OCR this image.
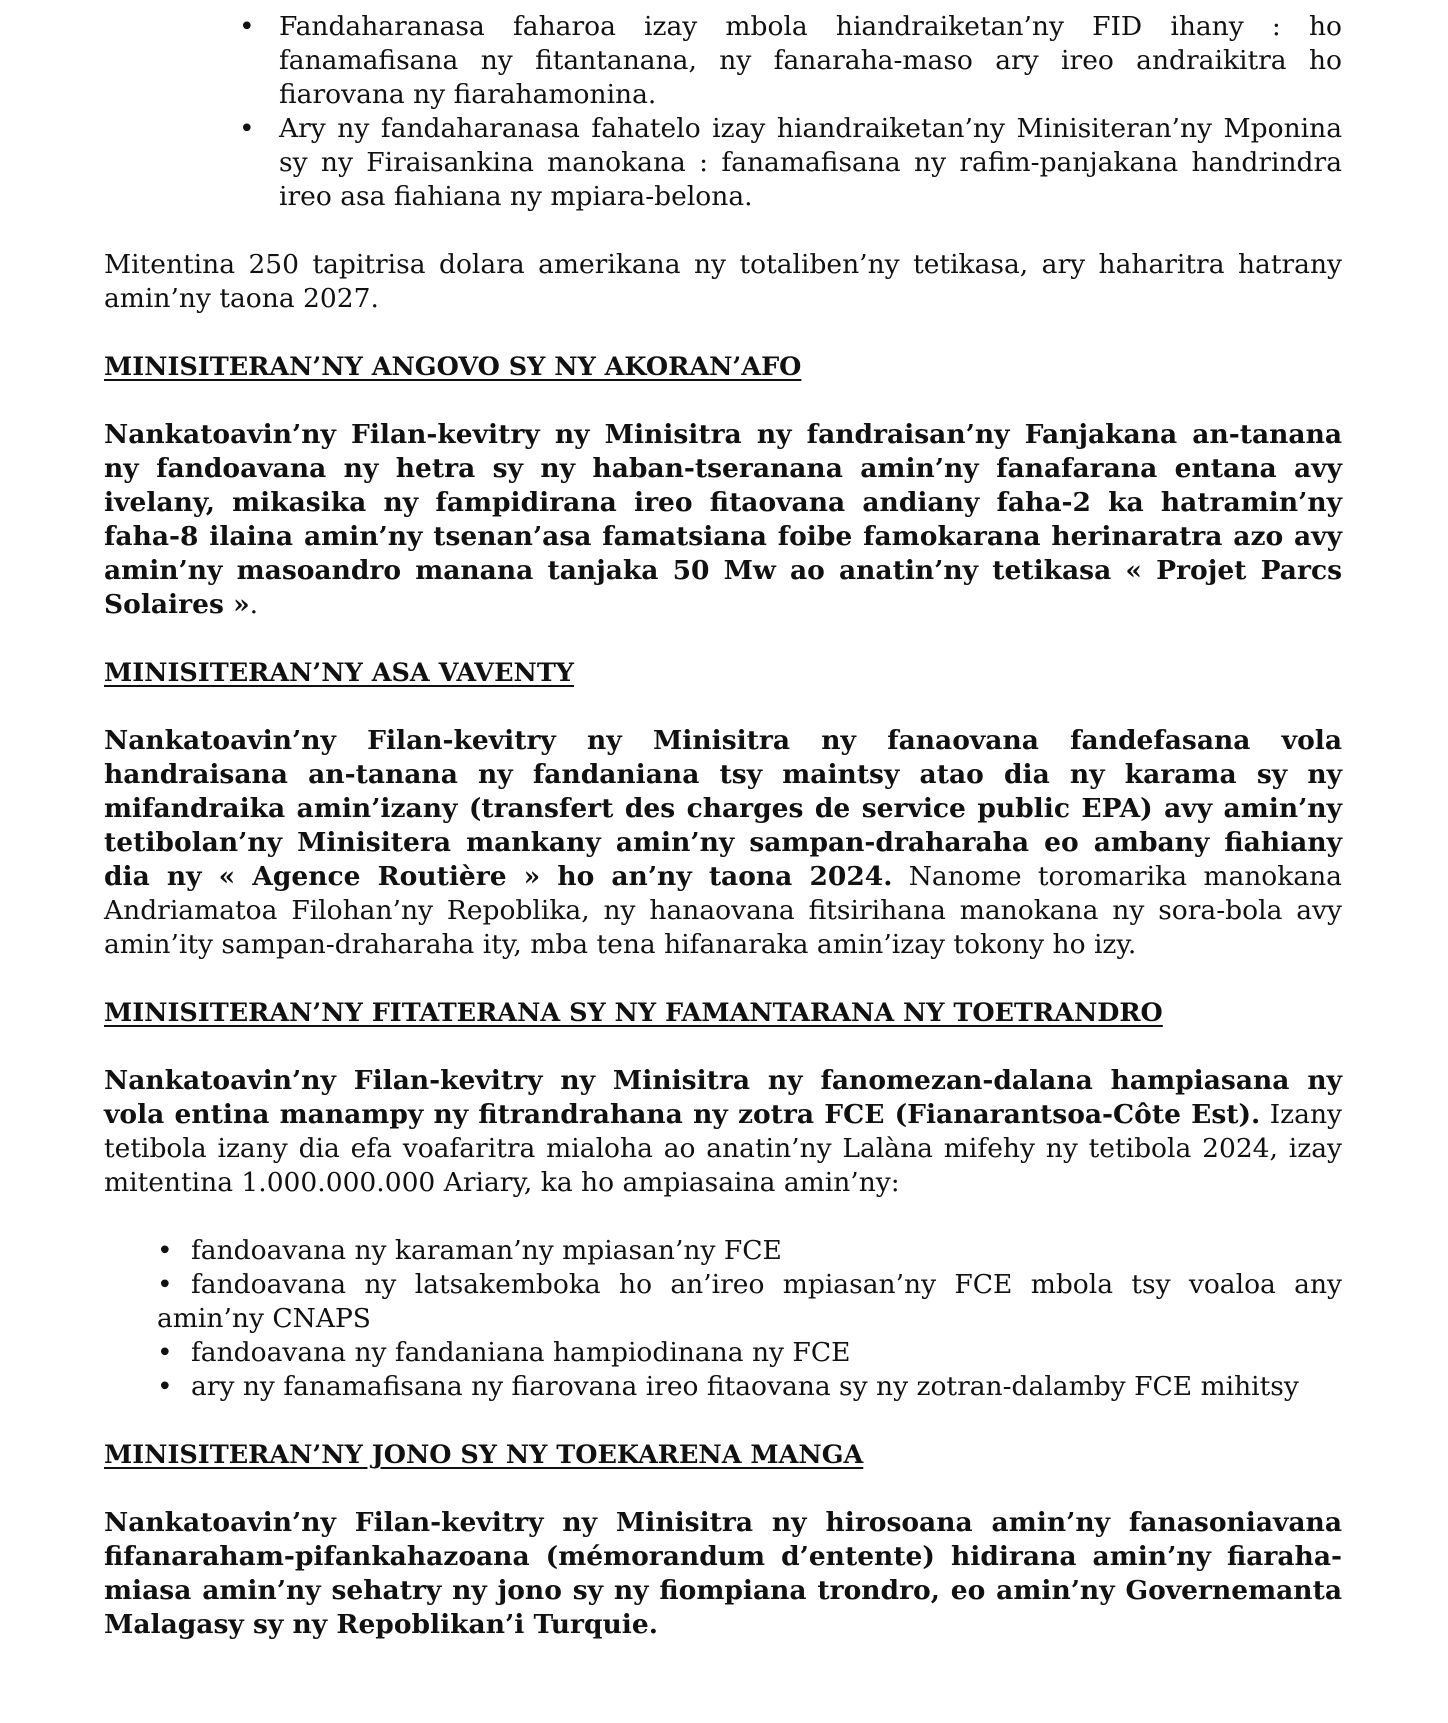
• Fandaharanasa faharoa izay mbola hiandraiketan’ny FID ihany : ho fanamafisana ny fitantanana, ny fanaraha-maso ary ireo andraikitra ho fiarovana ny fiarahamonina.
• Ary ny fandaharanasa fahatelo izay hiandraiketan’ny Minisiteran’ny Mponina sy ny Firaisankina manokana : fanamafisana ny rafim-panjakana handrindra ireo asa fiahiana ny mpiara-belona.

Mitentina 250 tapitrisa dolara amerikana ny totaliben’ny tetikasa, ary haharitra hatrany amin’ny taona 2027.

MINISITERAN’NY ANGOVO SY NY AKORAN’AFO

Nankatoavin’ny Filan-kevitry ny Minisitra ny fandraisan’ny Fanjakana an-tanana ny fandoavana ny hetra sy ny haban-tseranana amin’ny fanafarana entana avy ivelany, mikasika ny fampidirana ireo fitaovana andiany faha-2 ka hatramin’ny faha-8 ilaina amin’ny tsenan’asa famatsiana foibe famokarana herinaratra azo avy amin’ny masoandro manana tanjaka 50 Mw ao anatin’ny tetikasa « Projet Parcs Solaires ».

MINISITERAN’NY ASA VAVENTY

Nankatoavin’ny Filan-kevitry ny Minisitra ny fanaovana fandefasana vola handraisana an-tanana ny fandaniana tsy maintsy atao dia ny karama sy ny mifandraika amin’izany (transfert des charges de service public EPA) avy amin’ny tetibolan’ny Minisitera mankany amin’ny sampan-draharaha eo ambany fiahiany dia ny « Agence Routière » ho an’ny taona 2024. Nanome toromarika manokana Andriamatoa Filohan’ny Repoblika, ny hanaovana fitsirihana manokana ny sora-bola avy amin’ity sampan-draharaha ity, mba tena hifanaraka amin’izay tokony ho izy.

MINISITERAN’NY FITATERANA SY NY FAMANTARANA NY TOETRANDRO

Nankatoavin’ny Filan-kevitry ny Minisitra ny fanomezan-dalana hampiasana ny vola entina manampy ny fitrandrahana ny zotra FCE (Fianarantsoa-Côte Est). Izany tetibola izany dia efa voafaritra mialoha ao anatin’ny Lalàna mifehy ny tetibola 2024, izay mitentina 1.000.000.000 Ariary, ka ho ampiasaina amin’ny:

• fandoavana ny karaman’ny mpiasan’ny FCE
• fandoavana ny latsakemboka ho an’ireo mpiasan’ny FCE mbola tsy voaloa any amin’ny CNAPS
• fandoavana ny fandaniana hampiodinana ny FCE
• ary ny fanamafisana ny fiarovana ireo fitaovana sy ny zotran-dalamby FCE mihitsy
MINISITERAN’NY JONO SY NY TOEKARENA MANGA

Nankatoavin’ny Filan-kevitry ny Minisitra ny hirosoana amin’ny fanasoniavana fifanaraham-pifankahazoana (mémorandum d’entente) hidirana amin’ny fiaraha-miasa amin’ny sehatry ny jono sy ny fiompiana trondro, eo amin’ny Governemanta Malagasy sy ny Repoblikan’i Turquie.
